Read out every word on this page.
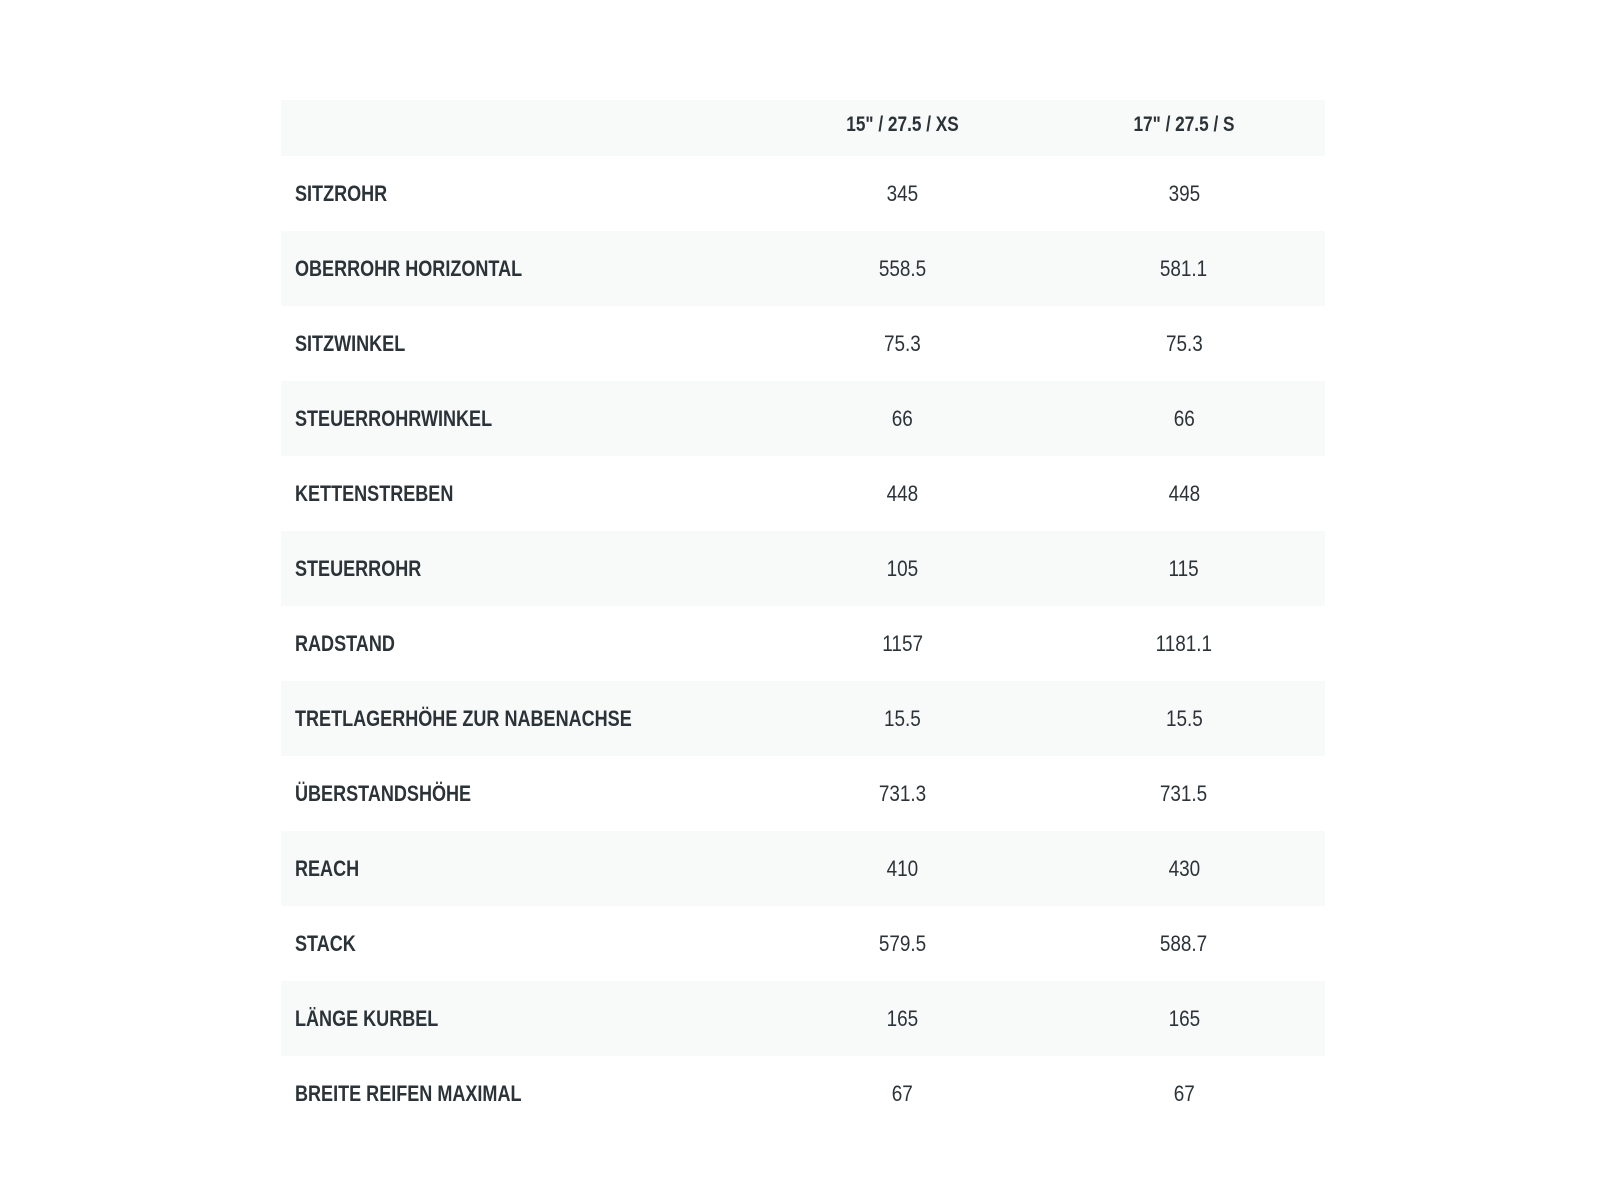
	15" / 27.5 / XS	17" / 27.5 / S
SITZROHR	345	395
OBERROHR HORIZONTAL	558.5	581.1
SITZWINKEL	75.3	75.3
STEUERROHRWINKEL	66	66
KETTENSTREBEN	448	448
STEUERROHR	105	115
RADSTAND	1157	1181.1
TRETLAGERHÖHE ZUR NABENACHSE	15.5	15.5
ÜBERSTANDSHÖHE	731.3	731.5
REACH	410	430
STACK	579.5	588.7
LÄNGE KURBEL	165	165
BREITE REIFEN MAXIMAL	67	67
